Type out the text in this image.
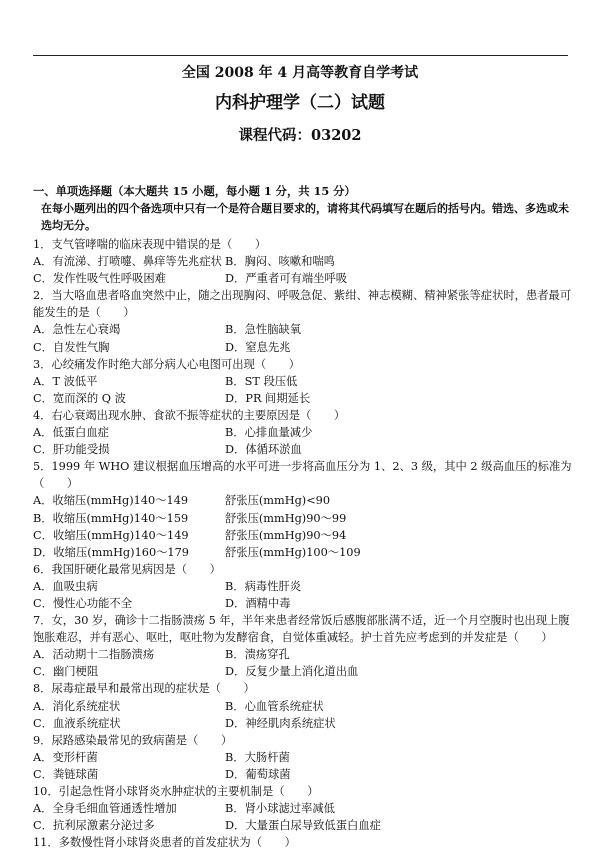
全国 2008 年 4 月高等教育自学考试
内科护理学（二）试题
课程代码：03202
一、单项选择题（本大题共 15 小题，每小题 1 分，共 15 分）
在每小题列出的四个备选项中只有一个是符合题目要求的，请将其代码填写在题后的括号内。错选、多选或未选均无分。
1．支气管哮喘的临床表现中错误的是（　　）
A．有流涕、打喷嚏、鼻痒等先兆症状 B．胸闷、咳嗽和喘鸣
C．发作性吸气性呼吸困难	D．严重者可有端坐呼吸
2．当大咯血患者咯血突然中止，随之出现胸闷、呼吸急促、紫绀、神志模糊、精神紧张等症状时，患者最可能发生的是（　　）
A．急性左心衰竭	B．急性脑缺氧
C．自发性气胸	D．窒息先兆
3．心绞痛发作时绝大部分病人心电图可出现（　　）
A．T 波低平	B．ST 段压低
C．宽而深的 Q 波	D．PR 间期延长
4．右心衰竭出现水肿、食欲不振等症状的主要原因是（　　）
A．低蛋白血症	B．心排血量减少
C．肝功能受损	D．体循环淤血
5．1999 年 WHO 建议根据血压增高的水平可进一步将高血压分为 1、2、3 级，其中 2 级高血压的标准为（　　）
A．收缩压(mmHg)140～149	舒张压(mmHg)<90
B．收缩压(mmHg)140～159	舒张压(mmHg)90～99
C．收缩压(mmHg)140～149	舒张压(mmHg)90～94
D．收缩压(mmHg)160～179	舒张压(mmHg)100～109
6．我国肝硬化最常见病因是（　　）
A．血吸虫病	B．病毒性肝炎
C．慢性心功能不全	D．酒精中毒
7．女，30 岁，确诊十二指肠溃疡 5 年，半年来患者经常饭后感腹部胀满不适，近一个月空腹时也出现上腹饱胀难忍，并有恶心、呕吐，呕吐物为发酵宿食，自觉体重减轻。护士首先应考虑到的并发症是（　　）
A．活动期十二指肠溃疡	B．溃疡穿孔
C．幽门梗阻	D．反复少量上消化道出血
8．尿毒症最早和最常出现的症状是（　　）
A．消化系统症状	B．心血管系统症状
C．血液系统症状	D．神经肌肉系统症状
9．尿路感染最常见的致病菌是（　　）
A．变形杆菌	B．大肠杆菌
C．粪链球菌	D．葡萄球菌
10．引起急性肾小球肾炎水肿症状的主要机制是（　　）
A．全身毛细血管通透性增加	B．肾小球滤过率减低
C．抗利尿激素分泌过多	D．大量蛋白尿导致低蛋白血症
11．多数慢性肾小球肾炎患者的首发症状为（　　）
